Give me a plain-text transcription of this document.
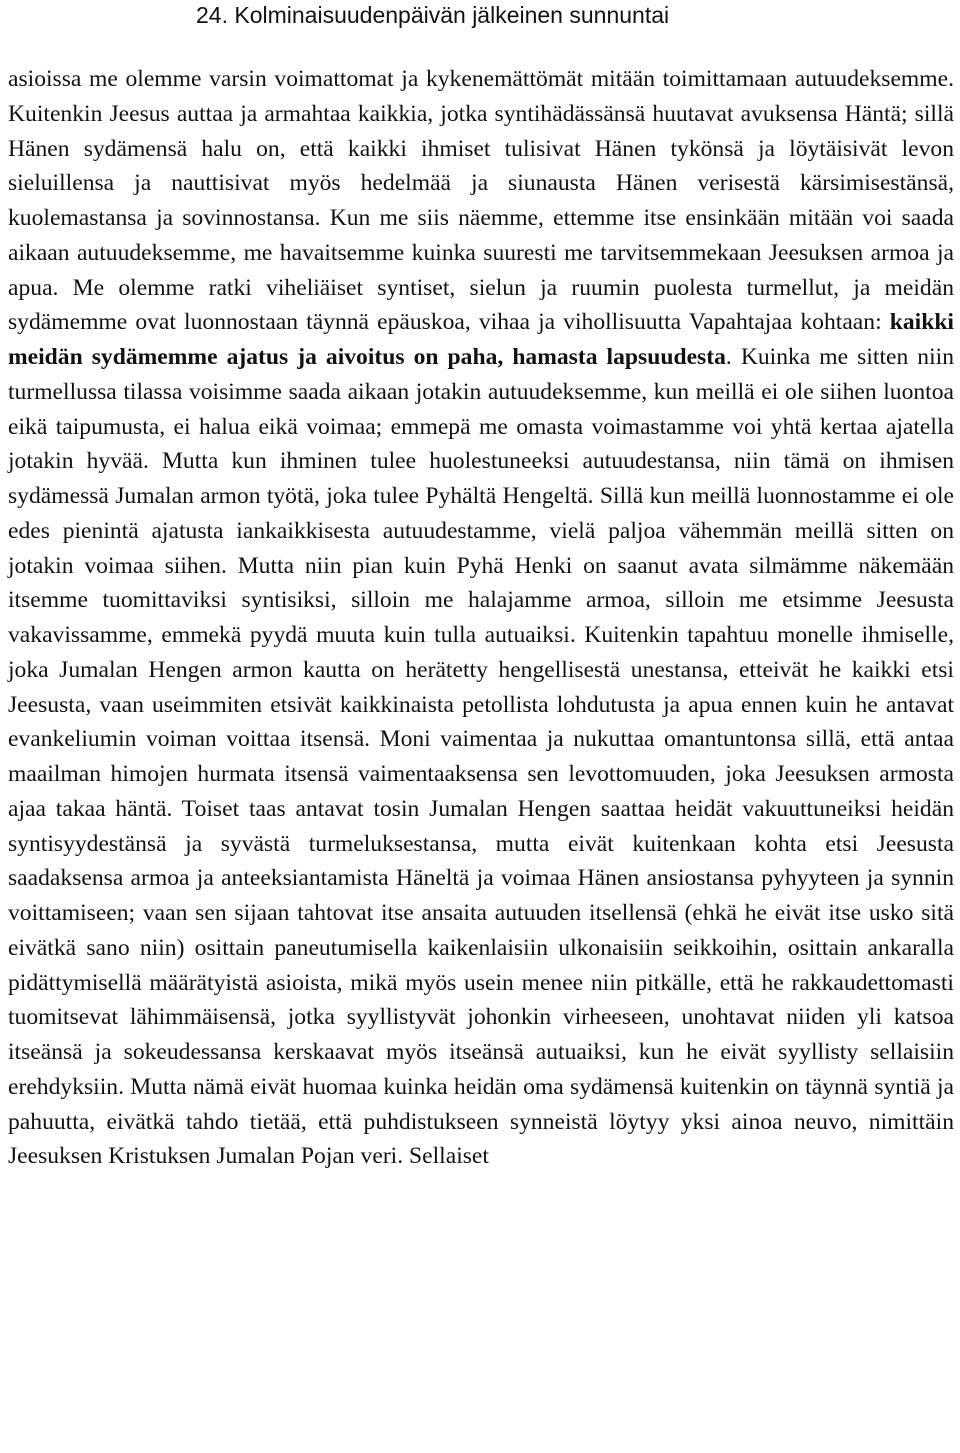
24. Kolminaisuudenpäivän jälkeinen sunnuntai

asioissa me olemme varsin voimattomat ja kykenemättömät mitään toimittamaan autuudeksemme. Kuitenkin Jeesus auttaa ja armahtaa kaikkia, jotka syntihädässänsä huutavat avuksensa Häntä; sillä Hänen sydämensä halu on, että kaikki ihmiset tulisivat Hänen tykönsä ja löytäisivät levon sieluillensa ja nauttisivat myös hedelmää ja siunausta Hänen verisestä kärsimisestänsä, kuolemastansa ja sovinnostansa. Kun me siis näemme, ettemme itse ensinkään mitään voi saada aikaan autuudeksemme, me havaitsemme kuinka suuresti me tarvitsemmekaan Jeesuksen armoa ja apua. Me olemme ratki viheliäiset syntiset, sielun ja ruumin puolesta turmellut, ja meidän sydämemme ovat luonnostaan täynnä epäuskoa, vihaa ja vihollisuutta Vapahtajaa kohtaan: kaikki meidän sydämemme ajatus ja aivoitus on paha, hamasta lapsuudesta. Kuinka me sitten niin turmellussa tilassa voisimme saada aikaan jotakin autuudeksemme, kun meillä ei ole siihen luontoa eikä taipumusta, ei halua eikä voimaa; emmepä me omasta voimastamme voi yhtä kertaa ajatella jotakin hyvää. Mutta kun ihminen tulee huolestuneeksi autuudestansa, niin tämä on ihmisen sydämessä Jumalan armon työtä, joka tulee Pyhältä Hengeltä. Sillä kun meillä luonnostamme ei ole edes pienintä ajatusta iankaikkisesta autuudestamme, vielä paljoa vähemmän meillä sitten on jotakin voimaa siihen. Mutta niin pian kuin Pyhä Henki on saanut avata silmämme näkemään itsemme tuomittaviksi syntisiksi, silloin me halajamme armoa, silloin me etsimme Jeesusta vakavissamme, emmekä pyydä muuta kuin tulla autuaiksi. Kuitenkin tapahtuu monelle ihmiselle, joka Jumalan Hengen armon kautta on herätetty hengellisestä unestansa, etteivät he kaikki etsi Jeesusta, vaan useimmiten etsivät kaikkinaista petollista lohdutusta ja apua ennen kuin he antavat evankeliumin voiman voittaa itsensä. Moni vaimentaa ja nukuttaa omantuntonsa sillä, että antaa maailman himojen hurmata itsensä vaimentaaksensa sen levottomuuden, joka Jeesuksen armosta ajaa takaa häntä. Toiset taas antavat tosin Jumalan Hengen saattaa heidät vakuuttuneiksi heidän syntisyydestänsä ja syvästä turmeluksestansa, mutta eivät kuitenkaan kohta etsi Jeesusta saadaksensa armoa ja anteeksiantamista Häneltä ja voimaa Hänen ansiostansa pyhyyteen ja synnin voittamiseen; vaan sen sijaan tahtovat itse ansaita autuuden itsellensä (ehkä he eivät itse usko sitä eivätkä sano niin) osittain paneutumisella kaikenlaisiin ulkonaisiin seikkoihin, osittain ankaralla pidättymisellä määrätyistä asioista, mikä myös usein menee niin pitkälle, että he rakkaudettomasti tuomitsevat lähimmäisensä, jotka syyllistyvät johonkin virheeseen, unohtavat niiden yli katsoa itseänsä ja sokeudessansa kerskaavat myös itseänsä autuaiksi, kun he eivät syyllisty sellaisiin erehdyksiin. Mutta nämä eivät huomaa kuinka heidän oma sydämensä kuitenkin on täynnä syntiä ja pahuutta, eivätkä tahdo tietää, että puhdistukseen synneistä löytyy yksi ainoa neuvo, nimittäin Jeesuksen Kristuksen Jumalan Pojan veri. Sellaiset
